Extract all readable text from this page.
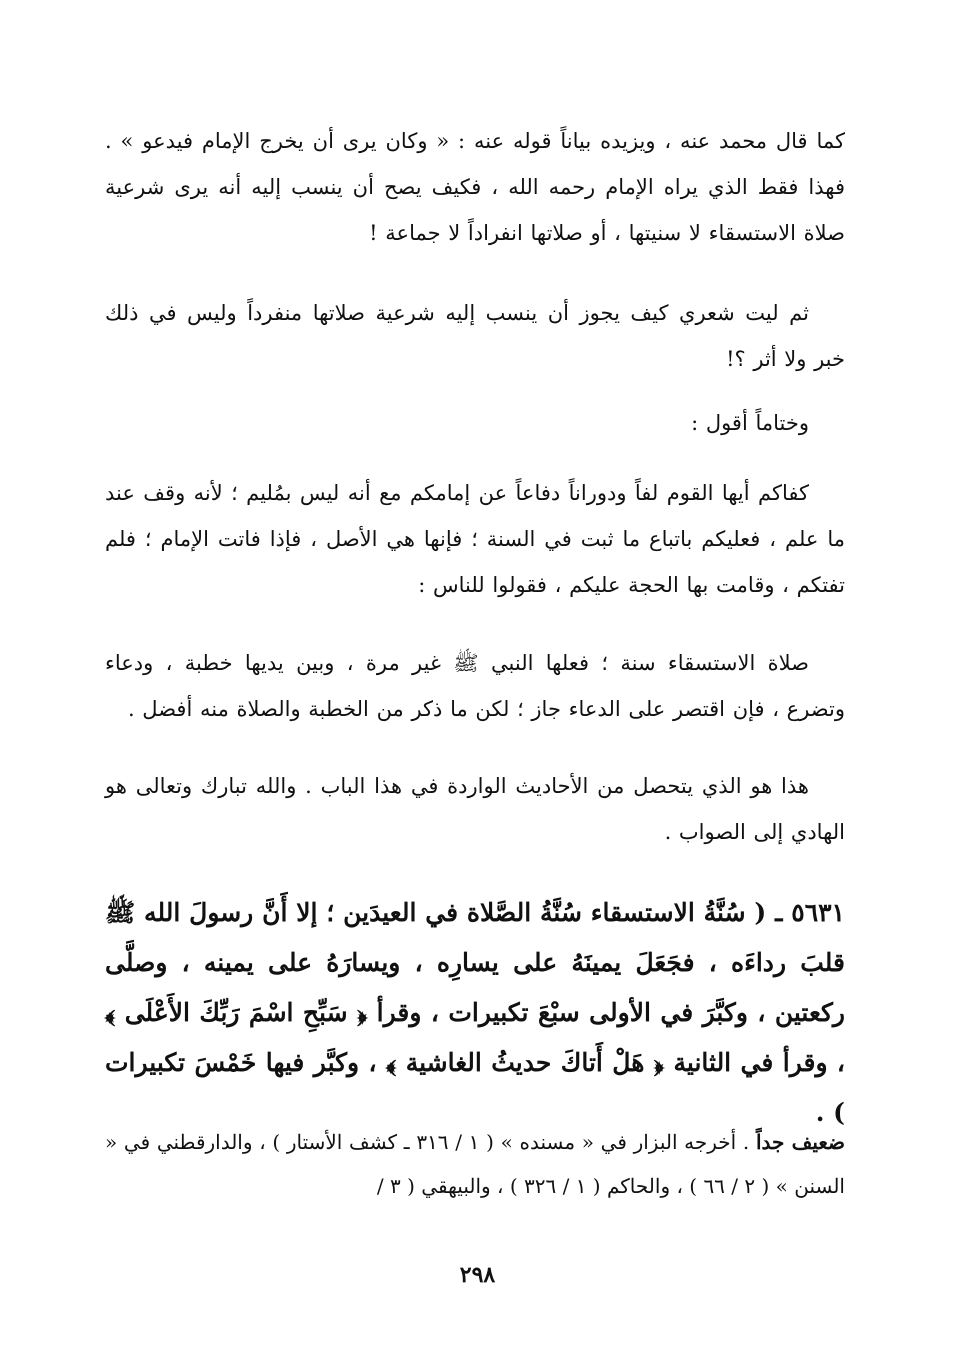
كما قال محمد عنه ، ويزيده بياناً قوله عنه : « وكان يرى أن يخرج الإمام فيدعو » . فهذا فقط الذي يراه الإمام رحمه الله ، فكيف يصح أن ينسب إليه أنه يرى شرعية صلاة الاستسقاء لا سنيتها ، أو صلاتها انفراداً لا جماعة !

ثم ليت شعري كيف يجوز أن ينسب إليه شرعية صلاتها منفرداً وليس في ذلك خبر ولا أثر ؟!

وختاماً أقول :

كفاكم أيها القوم لفاً ودوراناً دفاعاً عن إمامكم مع أنه ليس بمُليم ؛ لأنه وقف عند ما علم ، فعليكم باتباع ما ثبت في السنة ؛ فإنها هي الأصل ، فإذا فاتت الإمام ؛ فلم تفتكم ، وقامت بها الحجة عليكم ، فقولوا للناس :

صلاة الاستسقاء سنة ؛ فعلها النبي ﷺ غير مرة ، وبين يديها خطبة ، ودعاء وتضرع ، فإن اقتصر على الدعاء جاز ؛ لكن ما ذكر من الخطبة والصلاة منه أفضل .

هذا هو الذي يتحصل من الأحاديث الواردة في هذا الباب . والله تبارك وتعالى هو الهادي إلى الصواب .

٥٦٣١ ـ ( سُنَّةُ الاستسقاء سُنَّةُ الصَّلاة في العيدَين ؛ إلا أَنَّ رسولَ الله ﷺ قلبَ رداءَه ، فجَعَلَ يمينَهُ على يسارِه ، ويسارَهُ على يمينه ، وصلَّى ركعتين ، وكبَّرَ في الأولى سبْعَ تكبيرات ، وقرأ ﴿ سَبِّحِ اسْمَ رَبِّكَ الأَعْلَى ﴾ ، وقرأ في الثانية ﴿ هَلْ أَتاكَ حديثُ الغاشية ﴾ ، وكبَّر فيها خَمْسَ تكبيرات ) .
ضعيف جداً . أخرجه البزار في « مسنده » ( ١ / ٣١٦ ـ كشف الأستار ) ، والدارقطني في « السنن » ( ٢ / ٦٦ ) ، والحاكم ( ١ / ٣٢٦ ) ، والبيهقي ( ٣ /
٢٩٨
